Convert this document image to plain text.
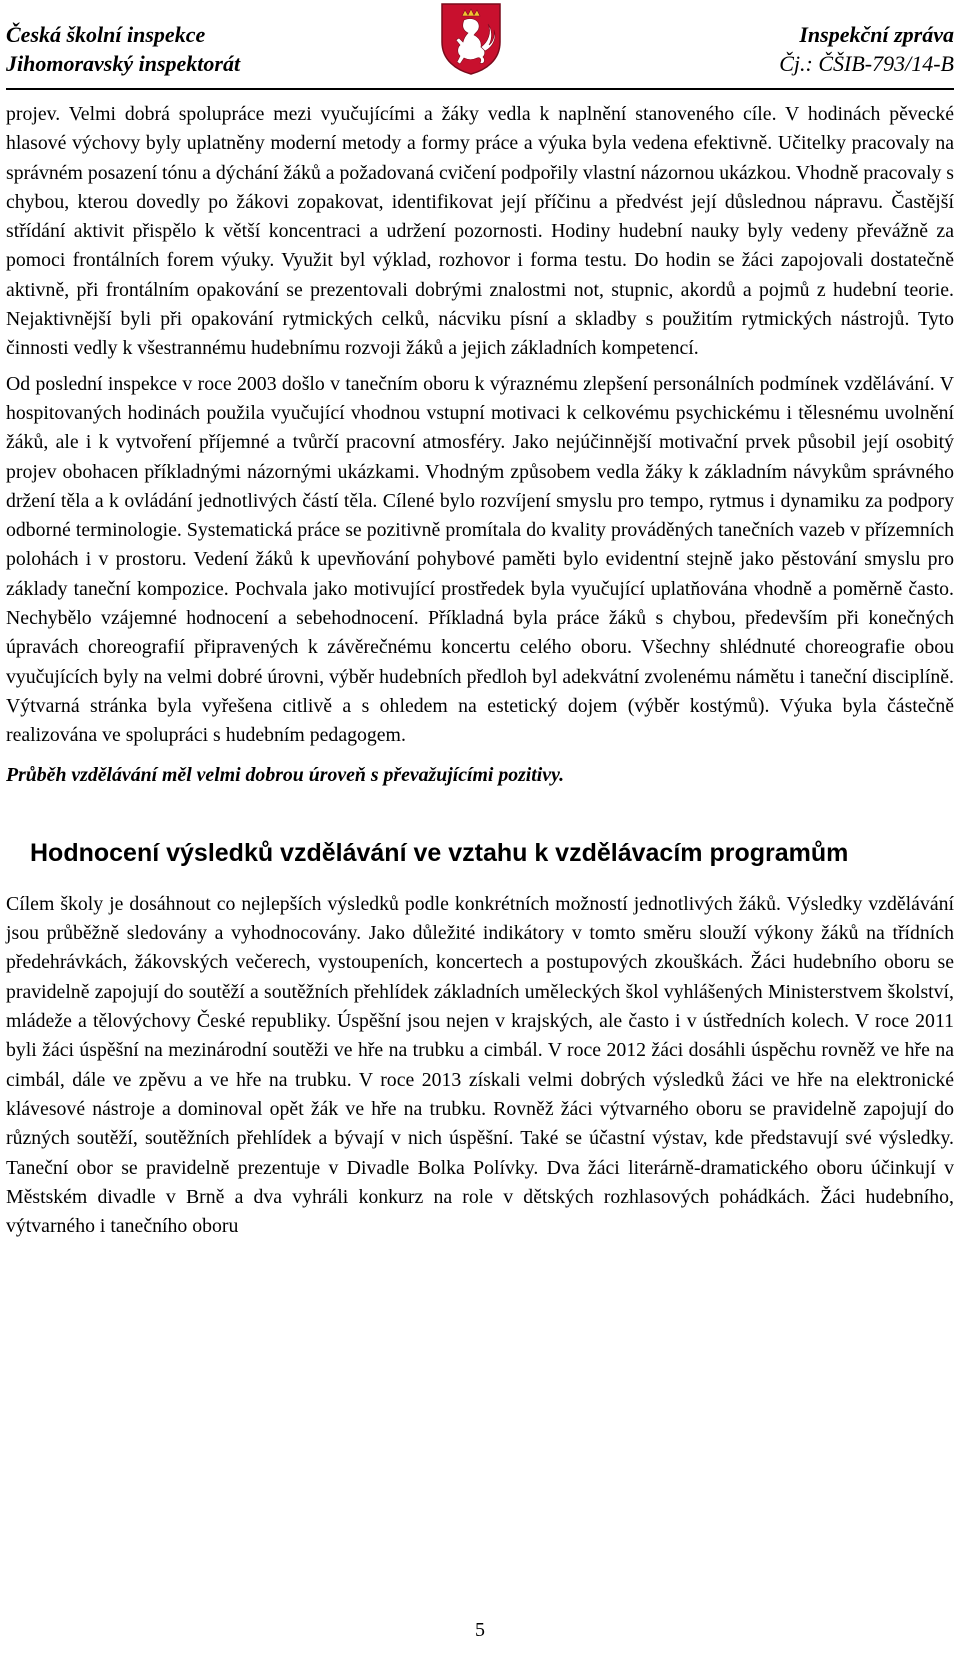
Česká školní inspekce
Jihomoravský inspektorát
Inspekční zpráva
Čj.: ČŠIB-793/14-B

projev. Velmi dobrá spolupráce mezi vyučujícími a žáky vedla k naplnění stanoveného cíle. V hodinách pěvecké hlasové výchovy byly uplatněny moderní metody a formy práce a výuka byla vedena efektivně. Učitelky pracovaly na správném posazení tónu a dýchání žáků a požadovaná cvičení podpořily vlastní názornou ukázkou. Vhodně pracovaly s chybou, kterou dovedly po žákovi zopakovat, identifikovat její příčinu a předvést její důslednou nápravu. Častější střídání aktivit přispělo k větší koncentraci a udržení pozornosti. Hodiny hudební nauky byly vedeny převážně za pomoci frontálních forem výuky. Využit byl výklad, rozhovor i forma testu. Do hodin se žáci zapojovali dostatečně aktivně, při frontálním opakování se prezentovali dobrými znalostmi not, stupnic, akordů a pojmů z hudební teorie. Nejaktivnější byli při opakování rytmických celků, nácviku písní a skladby s použitím rytmických nástrojů. Tyto činnosti vedly k všestrannému hudebnímu rozvoji žáků a jejich základních kompetencí.

Od poslední inspekce v roce 2003 došlo v tanečním oboru k výraznému zlepšení personálních podmínek vzdělávání. V hospitovaných hodinách použila vyučující vhodnou vstupní motivaci k celkovému psychickému i tělesnému uvolnění žáků, ale i k vytvoření příjemné a tvůrčí pracovní atmosféry. Jako nejúčinnější motivační prvek působil její osobitý projev obohacen příkladnými názornými ukázkami. Vhodným způsobem vedla žáky k základním návykům správného držení těla a k ovládání jednotlivých částí těla. Cílené bylo rozvíjení smyslu pro tempo, rytmus i dynamiku za podpory odborné terminologie. Systematická práce se pozitivně promítala do kvality prováděných tanečních vazeb v přízemních polohách i v prostoru. Vedení žáků k upevňování pohybové paměti bylo evidentní stejně jako pěstování smyslu pro základy taneční kompozice. Pochvala jako motivující prostředek byla vyučující uplatňována vhodně a poměrně často. Nechybělo vzájemné hodnocení a sebehodnocení. Příkladná byla práce žáků s chybou, především při konečných úpravách choreografií připravených k závěrečnému koncertu celého oboru. Všechny shlédnuté choreografie obou vyučujících byly na velmi dobré úrovni, výběr hudebních předloh byl adekvátní zvolenému námětu i taneční disciplíně. Výtvarná stránka byla vyřešena citlivě a s ohledem na estetický dojem (výběr kostýmů). Výuka byla částečně realizována ve spolupráci s hudebním pedagogem.

Průběh vzdělávání měl velmi dobrou úroveň s převažujícími pozitivy.

Hodnocení výsledků vzdělávání ve vztahu k vzdělávacím programům

Cílem školy je dosáhnout co nejlepších výsledků podle konkrétních možností jednotlivých žáků. Výsledky vzdělávání jsou průběžně sledovány a vyhodnocovány. Jako důležité indikátory v tomto směru slouží výkony žáků na třídních předehrávkách, žákovských večerech, vystoupeních, koncertech a postupových zkouškách. Žáci hudebního oboru se pravidelně zapojují do soutěží a soutěžních přehlídek základních uměleckých škol vyhlášených Ministerstvem školství, mládeže a tělovýchovy České republiky. Úspěšní jsou nejen v krajských, ale často i v ústředních kolech. V roce 2011 byli žáci úspěšní na mezinárodní soutěži ve hře na trubku a cimbál. V roce 2012 žáci dosáhli úspěchu rovněž ve hře na cimbál, dále ve zpěvu a ve hře na trubku. V roce 2013 získali velmi dobrých výsledků žáci ve hře na elektronické klávesové nástroje a dominoval opět žák ve hře na trubku. Rovněž žáci výtvarného oboru se pravidelně zapojují do různých soutěží, soutěžních přehlídek a bývají v nich úspěšní. Také se účastní výstav, kde představují své výsledky. Taneční obor se pravidelně prezentuje v Divadle Bolka Polívky. Dva žáci literárně-dramatického oboru účinkují v Městském divadle v Brně a dva vyhráli konkurz na role v dětských rozhlasových pohádkách. Žáci hudebního, výtvarného i tanečního oboru

5
